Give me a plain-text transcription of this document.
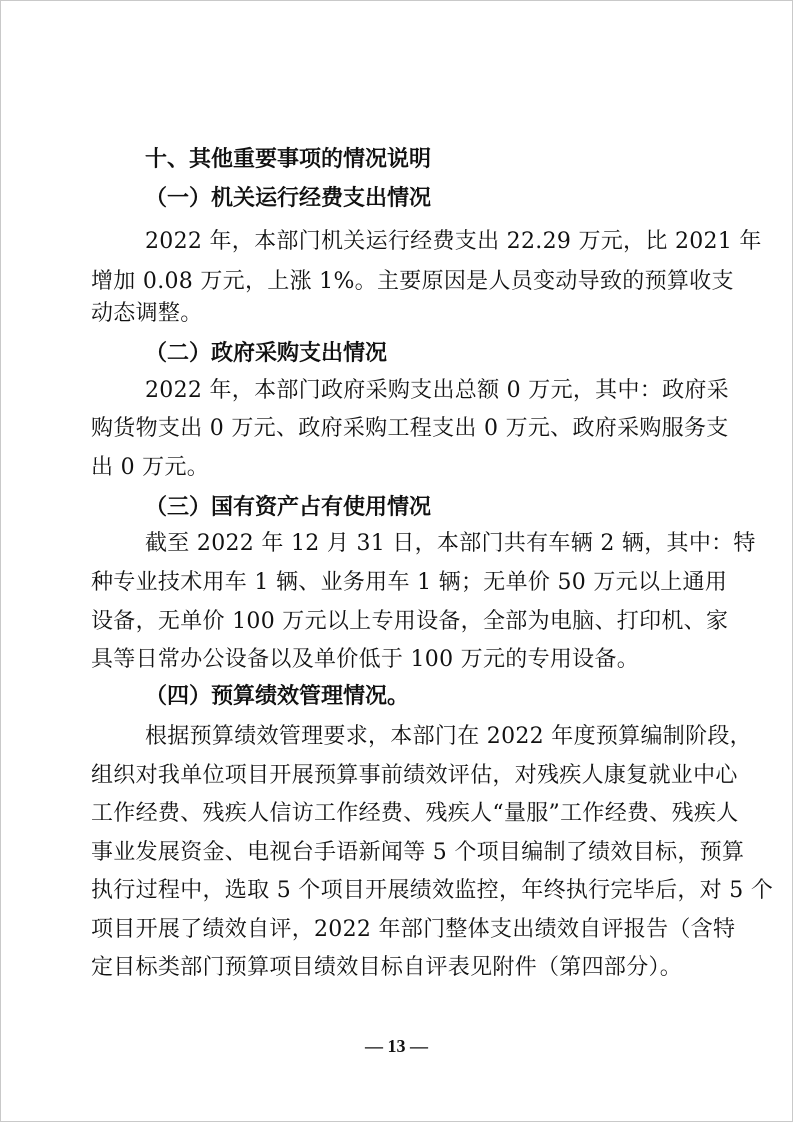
十、其他重要事项的情况说明
（一）机关运行经费支出情况
2022 年，本部门机关运行经费支出 22.29 万元，比 2021 年
增加 0.08 万元，上涨 1%。主要原因是人员变动导致的预算收支
动态调整。
（二）政府采购支出情况
2022 年，本部门政府采购支出总额 0 万元，其中：政府采
购货物支出 0 万元、政府采购工程支出 0 万元、政府采购服务支
出 0 万元。
（三）国有资产占有使用情况
截至 2022 年 12 月 31 日，本部门共有车辆 2 辆，其中：特
种专业技术用车 1 辆、业务用车 1 辆；无单价 50 万元以上通用
设备，无单价 100 万元以上专用设备，全部为电脑、打印机、家
具等日常办公设备以及单价低于 100 万元的专用设备。
（四）预算绩效管理情况。
根据预算绩效管理要求，本部门在 2022 年度预算编制阶段，
组织对我单位项目开展预算事前绩效评估，对残疾人康复就业中心
工作经费、残疾人信访工作经费、残疾人“量服”工作经费、残疾人
事业发展资金、电视台手语新闻等 5 个项目编制了绩效目标，预算
执行过程中，选取 5 个项目开展绩效监控，年终执行完毕后，对 5 个
项目开展了绩效自评，2022 年部门整体支出绩效自评报告（含特
定目标类部门预算项目绩效目标自评表见附件（第四部分）。
— 13 —
